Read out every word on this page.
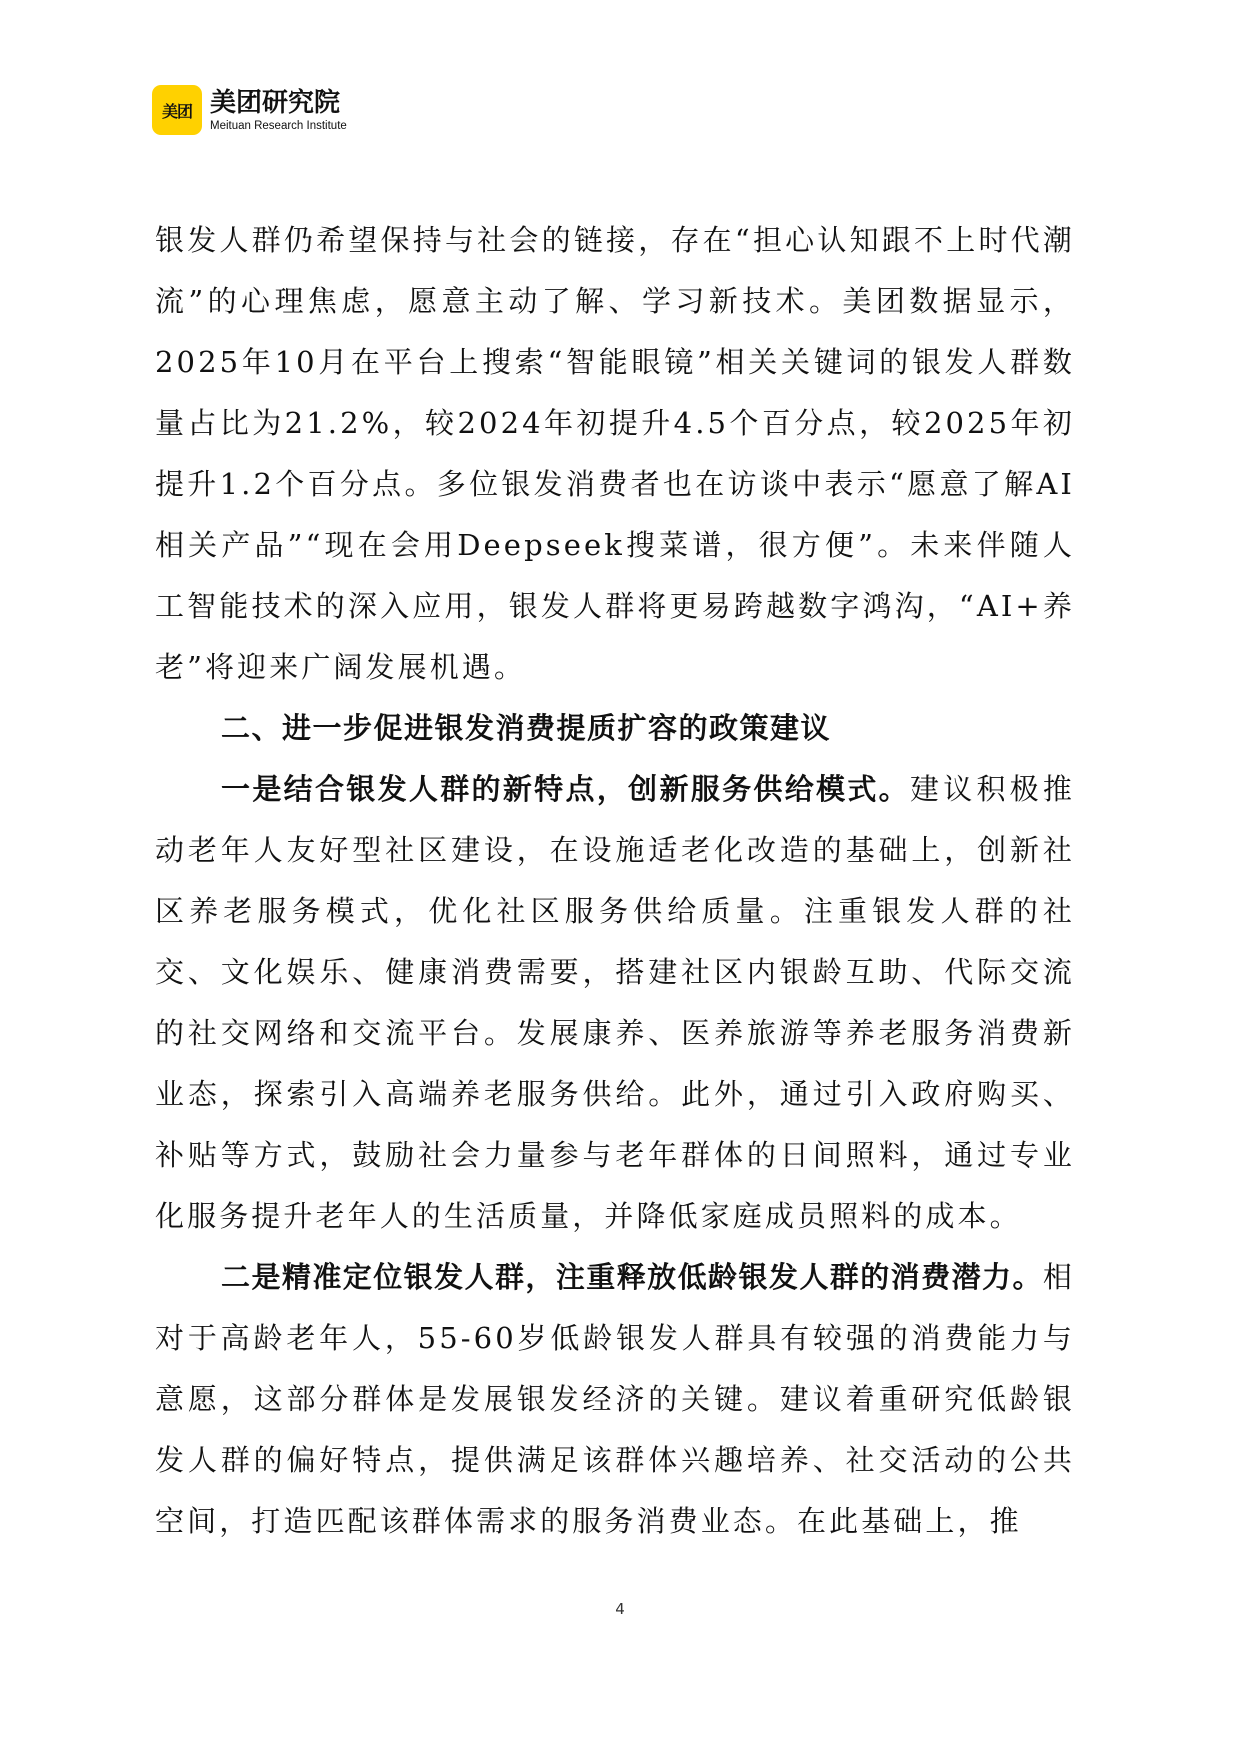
美团 美团研究院
Meituan Research Institute

银发人群仍希望保持与社会的链接，存在“担心认知跟不上时代潮流”的心理焦虑，愿意主动了解、学习新技术。美团数据显示，2025年10月在平台上搜索“智能眼镜”相关关键词的银发人群数量占比为21.2%，较2024年初提升4.5个百分点，较2025年初提升1.2个百分点。多位银发消费者也在访谈中表示“愿意了解AI相关产品”“现在会用Deepseek搜菜谱，很方便”。未来伴随人工智能技术的深入应用，银发人群将更易跨越数字鸿沟，“AI+养老”将迎来广阔发展机遇。

二、进一步促进银发消费提质扩容的政策建议

一是结合银发人群的新特点，创新服务供给模式。建议积极推动老年人友好型社区建设，在设施适老化改造的基础上，创新社区养老服务模式，优化社区服务供给质量。注重银发人群的社交、文化娱乐、健康消费需要，搭建社区内银龄互助、代际交流的社交网络和交流平台。发展康养、医养旅游等养老服务消费新业态，探索引入高端养老服务供给。此外，通过引入政府购买、补贴等方式，鼓励社会力量参与老年群体的日间照料，通过专业化服务提升老年人的生活质量，并降低家庭成员照料的成本。

二是精准定位银发人群，注重释放低龄银发人群的消费潜力。相对于高龄老年人，55-60岁低龄银发人群具有较强的消费能力与意愿，这部分群体是发展银发经济的关键。建议着重研究低龄银发人群的偏好特点，提供满足该群体兴趣培养、社交活动的公共空间，打造匹配该群体需求的服务消费业态。在此基础上，推

4
